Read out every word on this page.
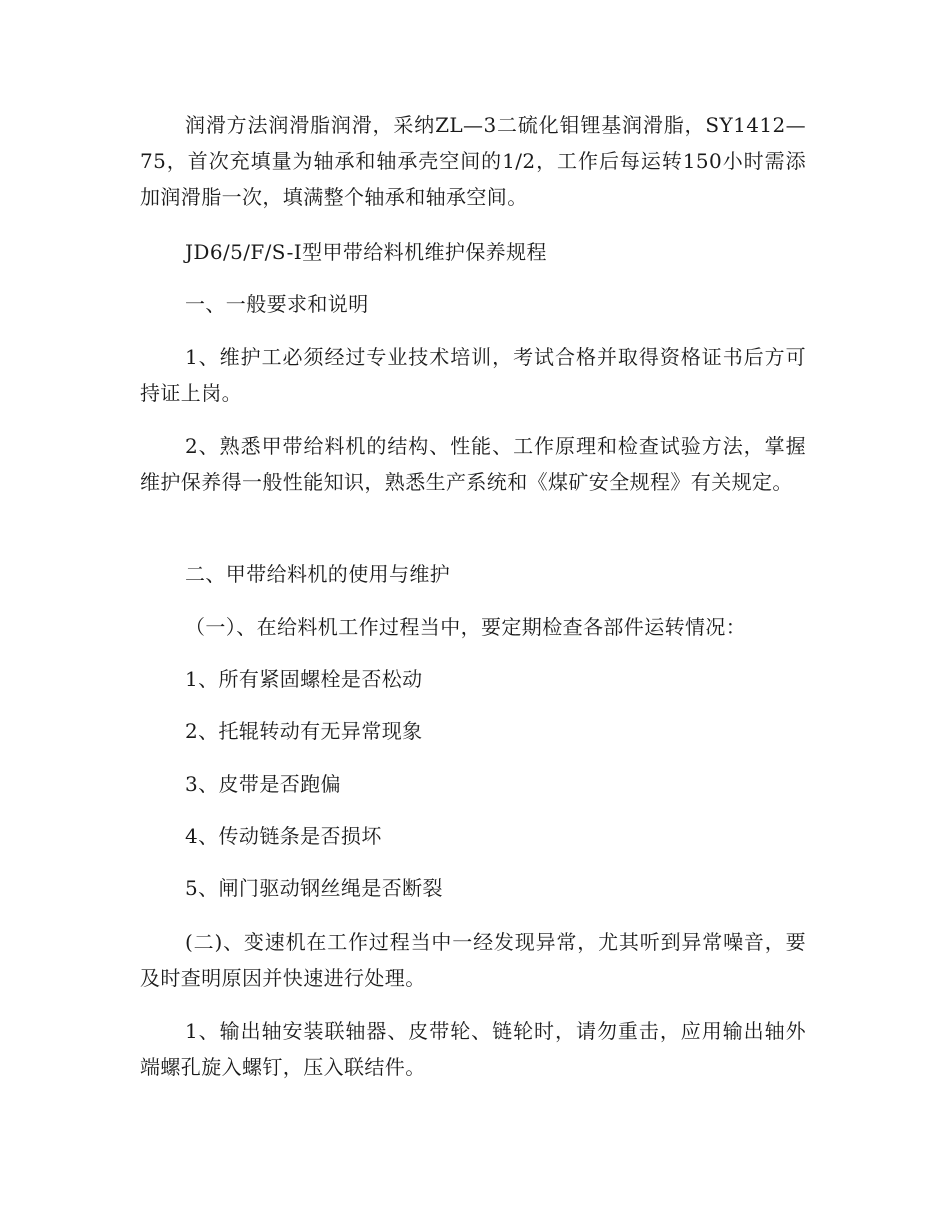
润滑方法润滑脂润滑，采纳ZL—3二硫化钼锂基润滑脂，SY1412—75，首次充填量为轴承和轴承壳空间的1/2，工作后每运转150小时需添加润滑脂一次，填满整个轴承和轴承空间。

JD6/5/F/S-I型甲带给料机维护保养规程

一、一般要求和说明

1、维护工必须经过专业技术培训，考试合格并取得资格证书后方可持证上岗。

2、熟悉甲带给料机的结构、性能、工作原理和检查试验方法，掌握维护保养得一般性能知识，熟悉生产系统和《煤矿安全规程》有关规定。

二、甲带给料机的使用与维护

（一）、在给料机工作过程当中，要定期检查各部件运转情况：

1、所有紧固螺栓是否松动

2、托辊转动有无异常现象

3、皮带是否跑偏

4、传动链条是否损坏

5、闸门驱动钢丝绳是否断裂

(二)、变速机在工作过程当中一经发现异常，尤其听到异常噪音，要及时查明原因并快速进行处理。

1、输出轴安装联轴器、皮带轮、链轮时，请勿重击，应用输出轴外端螺孔旋入螺钉，压入联结件。
